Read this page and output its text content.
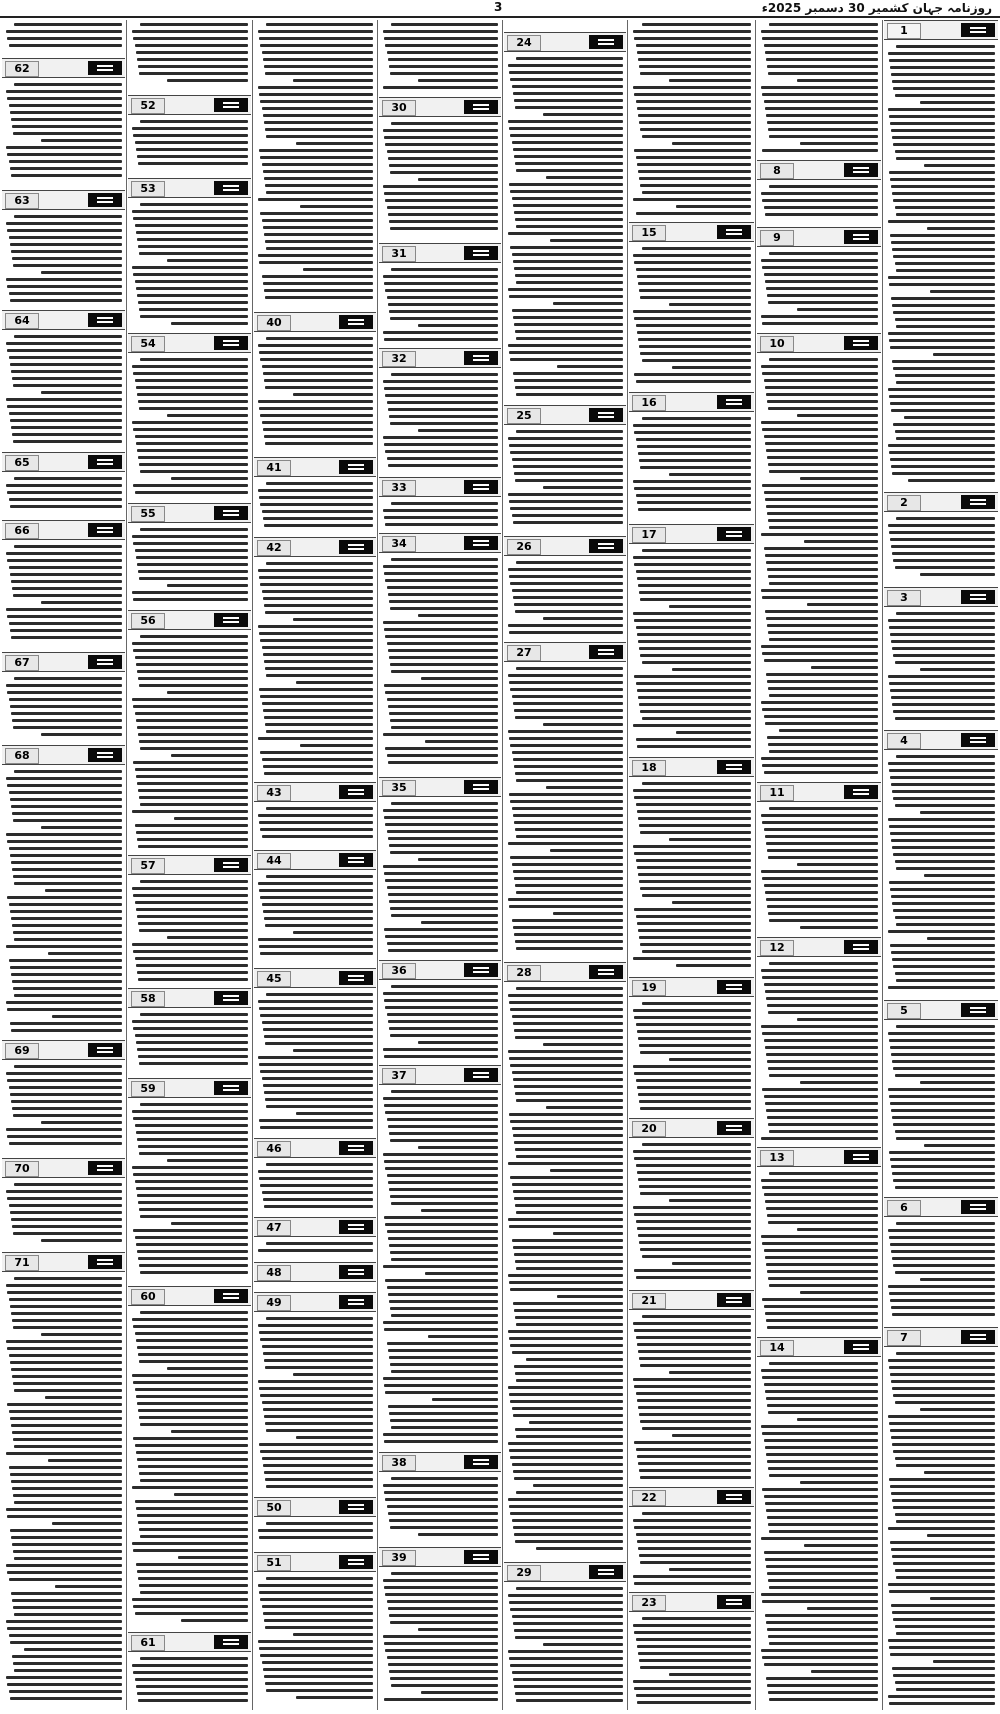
3	روزنامہ جہان کشمیر 30 دسمبر 2025ء
62
63
64
65
66
67
68
69
70
71
52
53
54
55
56
57
58
59
60
61
40
41
42
43
44
45
46
47
48
49
50
51
30
31
32
33
34
35
36
37
38
39
24
25
26
27
28
29
15
16
17
18
19
20
21
22
23
8
9
10
11
12
13
14
1
2
3
4
5
6
7
